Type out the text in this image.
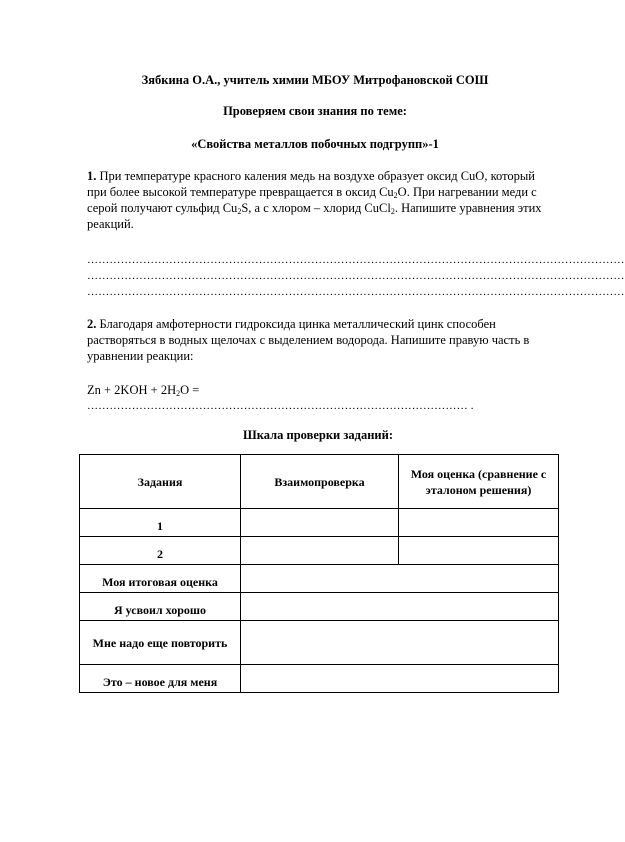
Зябкина О.А., учитель химии МБОУ Митрофановской СОШ
Проверяем свои знания по теме:
«Свойства металлов побочных подгрупп»-1
1. При температуре красного каления медь на воздухе образует оксид CuO, который при более высокой температуре превращается в оксид $Cu_2O$. При нагревании меди с серой получают сульфид $Cu_2S$, а с хлором – хлорид CuCl$_2$. Напишите уравнения этих реакций.
………………………………………………………………………………………………………………………………
………………………………………………………………………………………………………………………………
………………………………………………………………………………………………………………………………
2. Благодаря амфотерности гидроксида цинка металлический цинк способен растворяться в водных щелочах с выделением водорода. Напишите правую часть в уравнении реакции:
$Zn + 2KOH + 2H_2O$ =
………………………………………………………………………………………… .
Шкала проверки заданий:
Задания	Взаимопроверка	Моя оценка (сравнение с эталоном решения)
1		
2		
Моя итоговая оценка		
Я усвоил хорошо		
Мне надо еще повторить		
Это – новое для меня		
